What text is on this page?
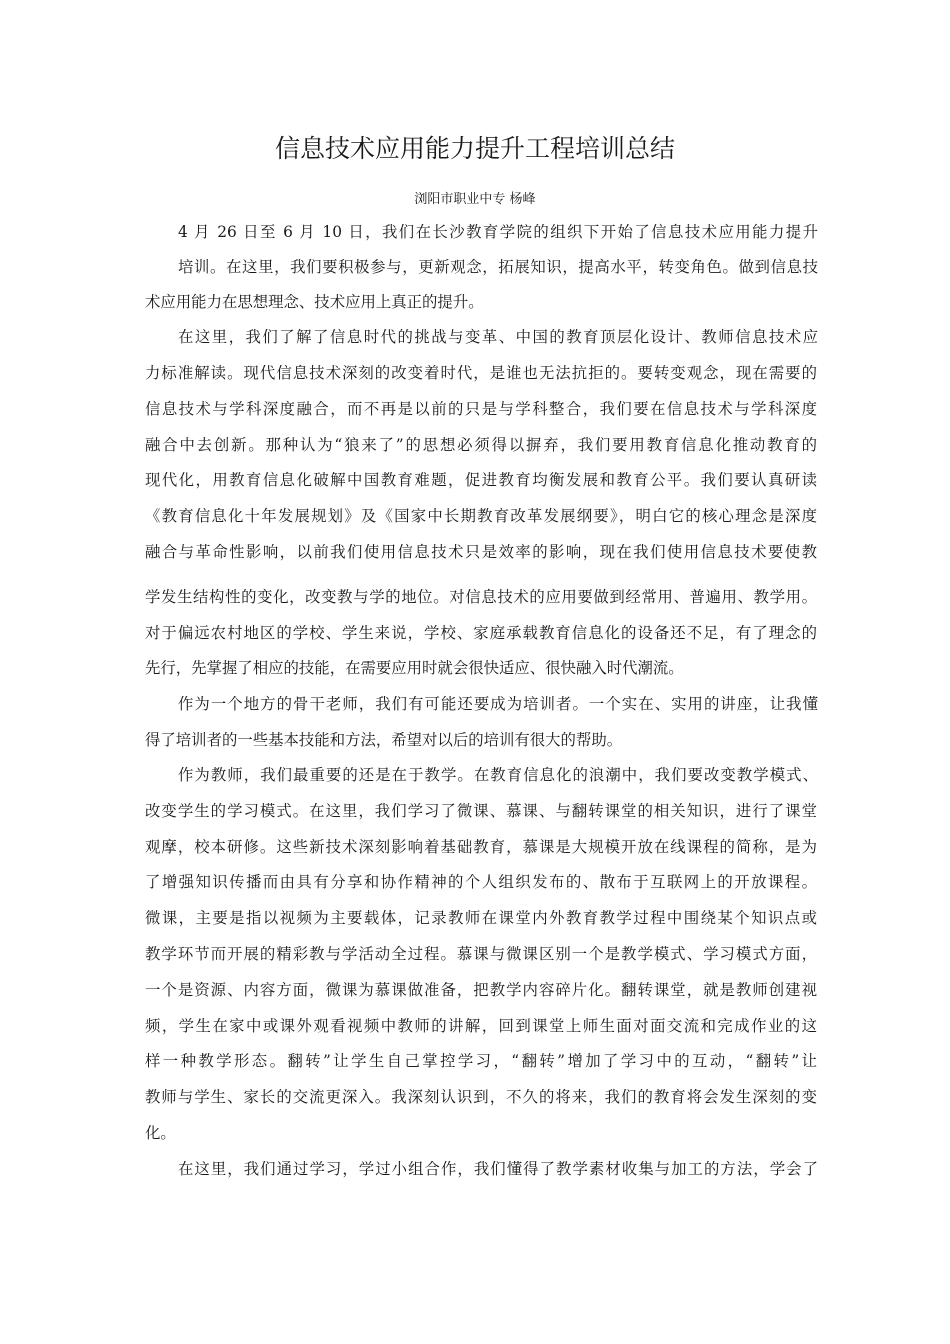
信息技术应用能力提升工程培训总结
浏阳市职业中专 杨峰
4 月 26 日至 6 月 10 日，我们在长沙教育学院的组织下开始了信息技术应用能力提升
培训。在这里，我们要积极参与，更新观念，拓展知识，提高水平，转变角色。做到信息技
术应用能力在思想理念、技术应用上真正的提升。
在这里，我们了解了信息时代的挑战与变革、中国的教育顶层化设计、教师信息技术应
力标准解读。现代信息技术深刻的改变着时代，是谁也无法抗拒的。要转变观念，现在需要的
信息技术与学科深度融合，而不再是以前的只是与学科整合，我们要在信息技术与学科深度
融合中去创新。那种认为“狼来了”的思想必须得以摒弃，我们要用教育信息化推动教育的
现代化，用教育信息化破解中国教育难题，促进教育均衡发展和教育公平。我们要认真研读
《教育信息化十年发展规划》及《国家中长期教育改革发展纲要》，明白它的核心理念是深度
融合与革命性影响，以前我们使用信息技术只是效率的影响，现在我们使用信息技术要使教
学发生结构性的变化，改变教与学的地位。对信息技术的应用要做到经常用、普遍用、教学用。
对于偏远农村地区的学校、学生来说，学校、家庭承载教育信息化的设备还不足，有了理念的
先行，先掌握了相应的技能，在需要应用时就会很快适应、很快融入时代潮流。
作为一个地方的骨干老师，我们有可能还要成为培训者。一个实在、实用的讲座，让我懂
得了培训者的一些基本技能和方法，希望对以后的培训有很大的帮助。
作为教师，我们最重要的还是在于教学。在教育信息化的浪潮中，我们要改变教学模式、
改变学生的学习模式。在这里，我们学习了微课、慕课、与翻转课堂的相关知识，进行了课堂
观摩，校本研修。这些新技术深刻影响着基础教育，慕课是大规模开放在线课程的简称，是为
了增强知识传播而由具有分享和协作精神的个人组织发布的、散布于互联网上的开放课程。
微课，主要是指以视频为主要载体，记录教师在课堂内外教育教学过程中围绕某个知识点或
教学环节而开展的精彩教与学活动全过程。慕课与微课区别一个是教学模式、学习模式方面，
一个是资源、内容方面，微课为慕课做准备，把教学内容碎片化。翻转课堂，就是教师创建视
频，学生在家中或课外观看视频中教师的讲解，回到课堂上师生面对面交流和完成作业的这
样一种教学形态。翻转”让学生自己掌控学习，“翻转”增加了学习中的互动，“翻转”让
教师与学生、家长的交流更深入。我深刻认识到，不久的将来，我们的教育将会发生深刻的变
化。
在这里，我们通过学习，学过小组合作，我们懂得了教学素材收集与加工的方法，学会了
